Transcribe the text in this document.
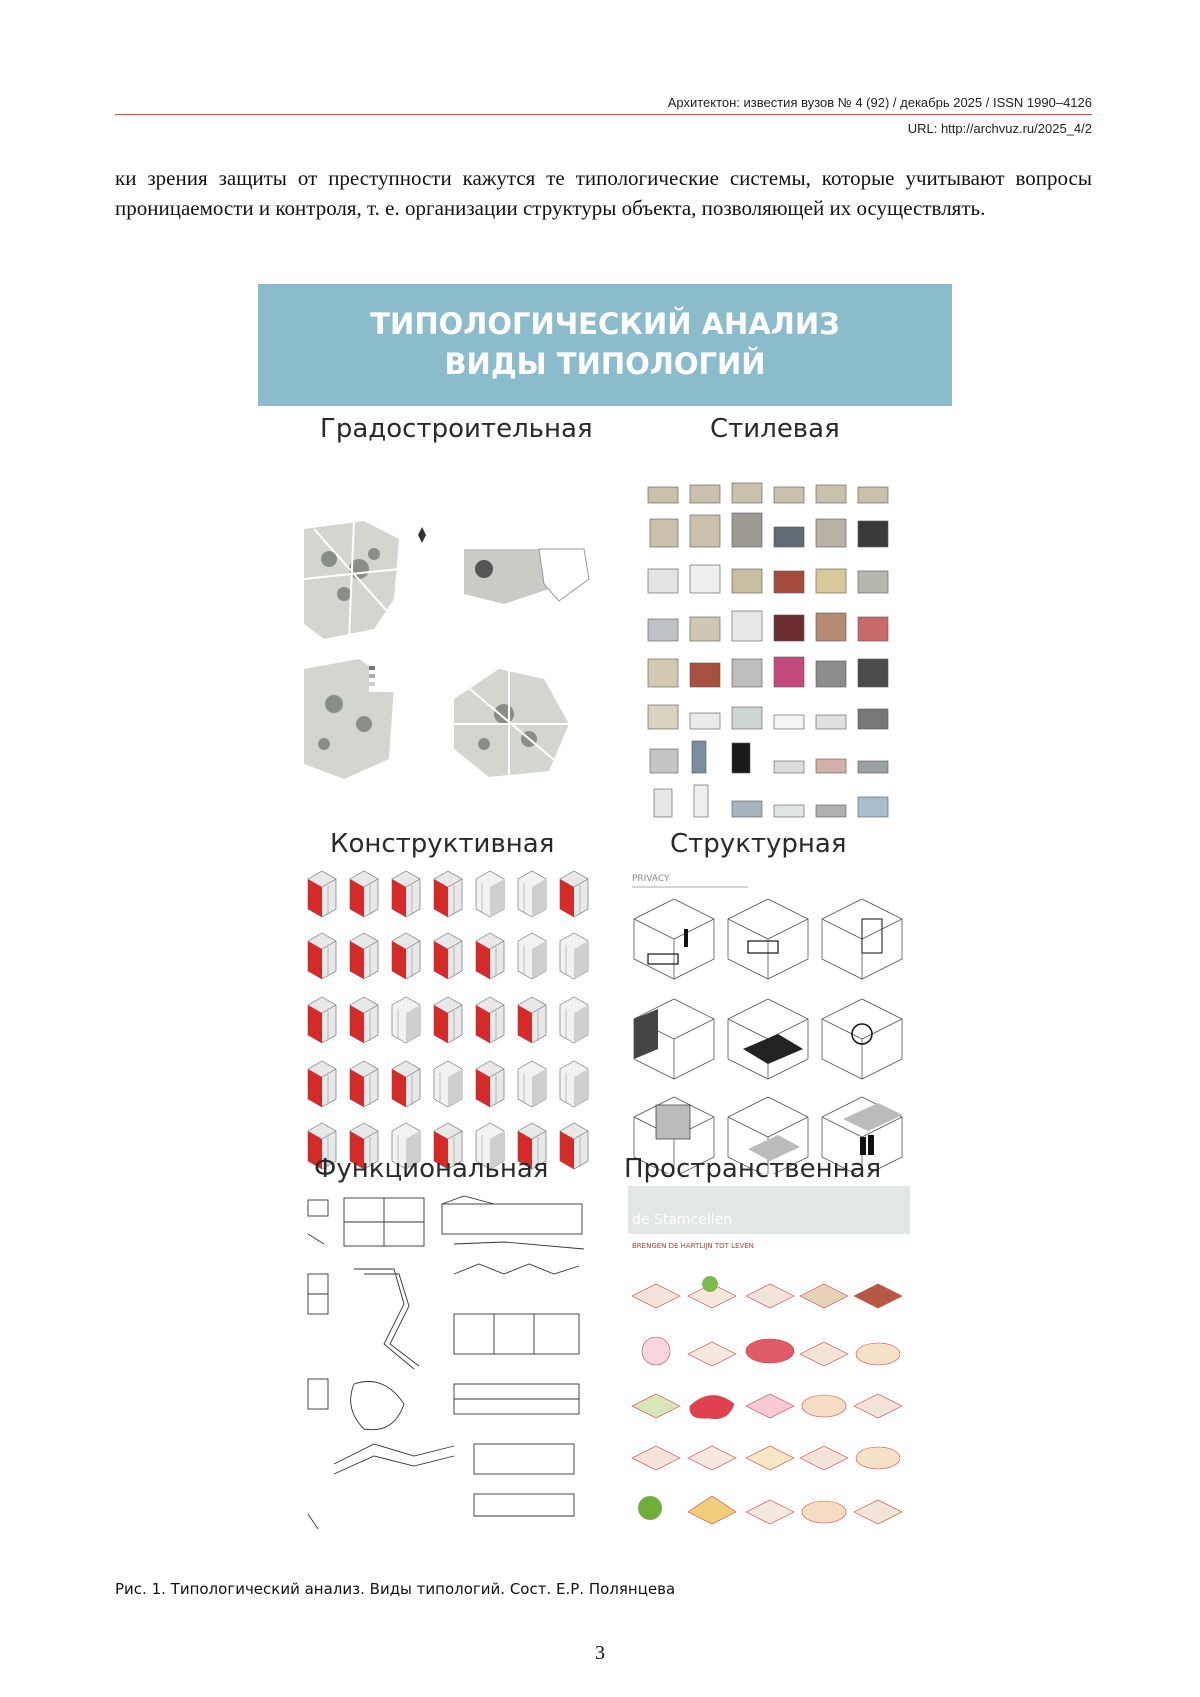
Архитектон: известия вузов № 4 (92) / декабрь 2025 / ISSN 1990–4126
URL: http://archvuz.ru/2025_4/2
ки зрения защиты от преступности кажутся те типологические системы, которые учитывают вопросы проницаемости и контроля, т. е. организации структуры объекта, позволяющей их осуществлять.
ТИПОЛОГИЧЕСКИЙ АНАЛИЗ
ВИДЫ ТИПОЛОГИЙ
Градостроительная	Стилевая
Конструктивная	Структурная
PRIVACY
Функциональная	Пространственная
de Stamcellen
BRENGEN DE HARTLIJN TOT LEVEN
Рис. 1. Типологический анализ. Виды типологий. Сост. Е.Р. Полянцева
3
